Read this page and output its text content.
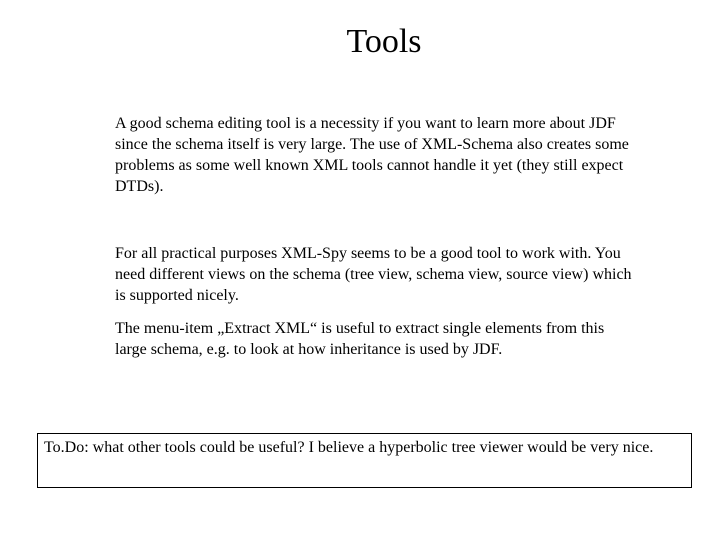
Tools

A good schema editing tool is a necessity if you want to learn more about JDF since the schema itself is very large. The use of XML-Schema also creates some problems as some well known XML tools cannot handle it yet (they still expect DTDs).

For all practical purposes XML-Spy seems to be a good tool to work with. You need different views on the schema (tree view, schema view, source view) which is supported nicely.

The menu-item „Extract XML“ is useful to extract single elements from this large schema, e.g. to look at how inheritance is used by JDF.

To.Do: what other tools could be useful? I believe a hyperbolic tree viewer would be very nice.
